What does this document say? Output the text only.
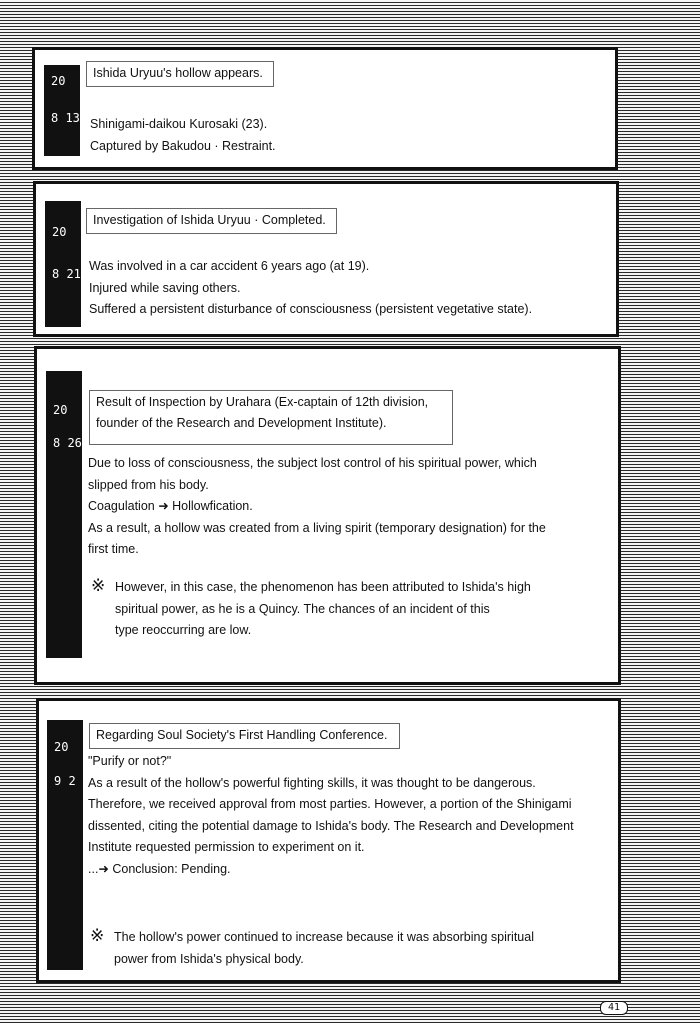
20
8 13
Ishida Uryuu's hollow appears.
Shinigami-daikou Kurosaki (23).
Captured by Bakudou · Restraint.
20
8 21
Investigation of Ishida Uryuu · Completed.
Was involved in a car accident 6 years ago (at 19).
Injured while saving others.
Suffered a persistent disturbance of consciousness (persistent vegetative state).
20
8 26
Result of Inspection by Urahara (Ex-captain of 12th division,
founder of the Research and Development Institute).
Due to loss of consciousness, the subject lost control of his spiritual power, which
slipped from his body.
Coagulation ➜ Hollowfication.
As a result, a hollow was created from a living spirit (temporary designation) for the
first time.
※ However, in this case, the phenomenon has been attributed to Ishida's high
spiritual power, as he is a Quincy. The chances of an incident of this
type reoccurring are low.
20
9 2
Regarding Soul Society's First Handling Conference.
"Purify or not?"
As a result of the hollow's powerful fighting skills, it was thought to be dangerous.
Therefore, we received approval from most parties. However, a portion of the Shinigami
dissented, citing the potential damage to Ishida's body. The Research and Development
Institute requested permission to experiment on it.
...➜ Conclusion: Pending.
※ The hollow's power continued to increase because it was absorbing spiritual
power from Ishida's physical body.
41
